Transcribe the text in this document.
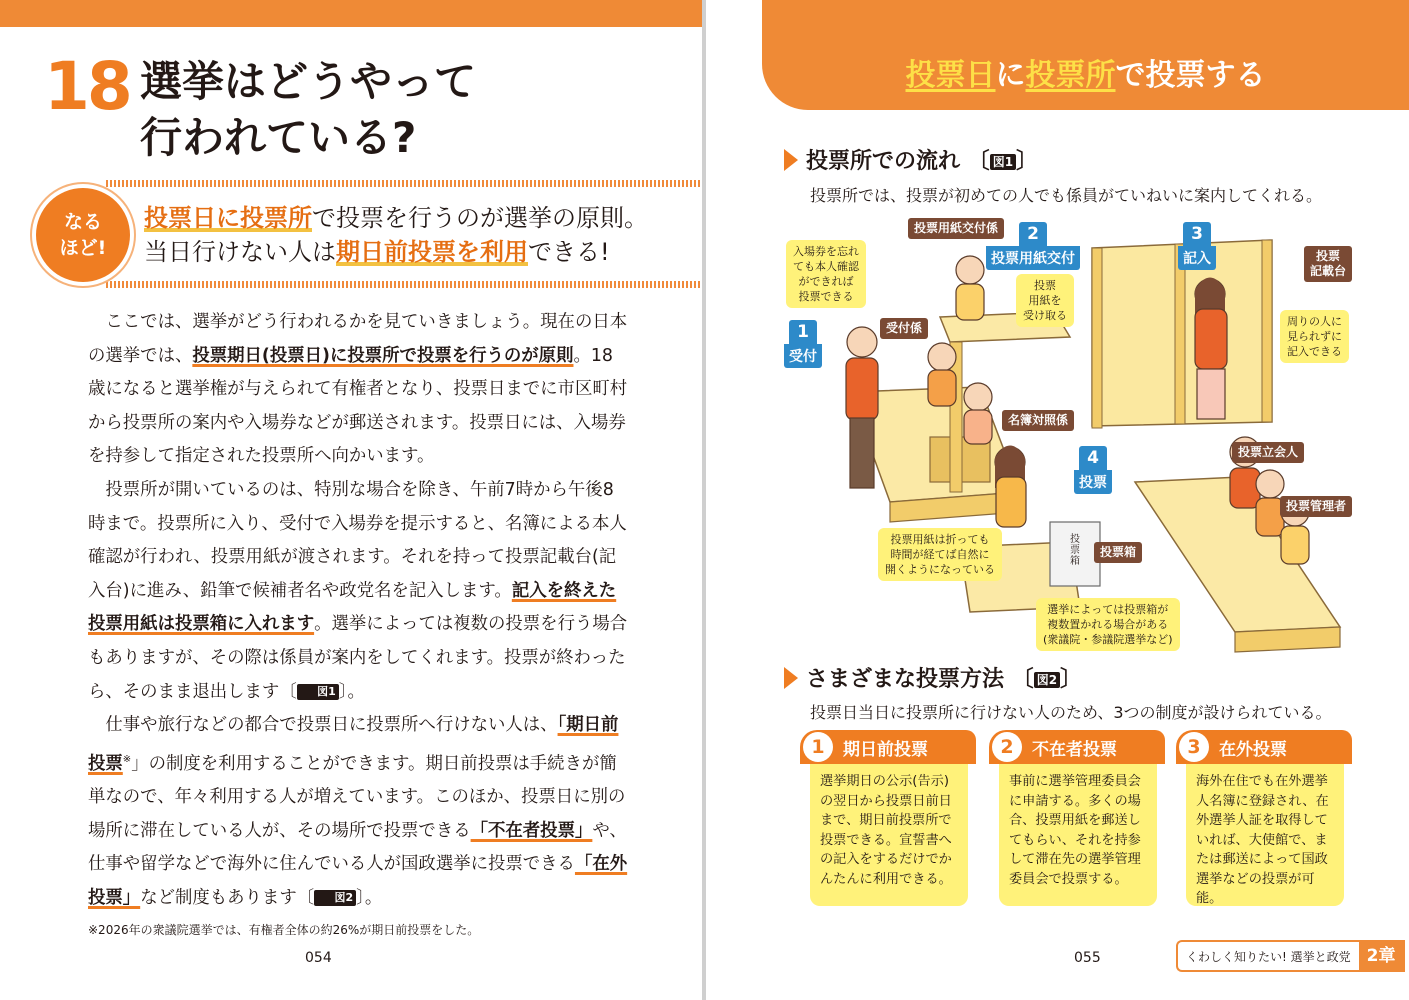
18 選挙はどうやって
行われている?
なる
ほど!
投票日に投票所で投票を行うのが選挙の原則。
当日行けない人は期日前投票を利用できる!

ここでは、選挙がどう行われるかを見ていきましょう。現在の日本の選挙では、投票期日(投票日)に投票所で投票を行うのが原則。18歳になると選挙権が与えられて有権者となり、投票日までに市区町村から投票所の案内や入場券などが郵送されます。投票日には、入場券を持参して指定された投票所へ向かいます。

投票所が開いているのは、特別な場合を除き、午前7時から午後8時まで。投票所に入り、受付で入場券を提示すると、名簿による本人確認が行われ、投票用紙が渡されます。それを持って投票記載台(記入台)に進み、鉛筆で候補者名や政党名を記入します。記入を終えた投票用紙は投票箱に入れます。選挙によっては複数の投票を行う場合もありますが、その際は係員が案内をしてくれます。投票が終わったら、そのまま退出します〔 図1 〕。

仕事や旅行などの都合で投票日に投票所へ行けない人は、「期日前投票※」の制度を利用することができます。期日前投票は手続きが簡単なので、年々利用する人が増えています。このほか、投票日に別の場所に滞在している人が、その場所で投票できる「不在者投票」や、仕事や留学などで海外に住んでいる人が国政選挙に投票できる「在外投票」など制度もあります〔 図2 〕。

※2026年の衆議院選挙では、有権者全体の約26%が期日前投票をした。
054
投票日に投票所で投票する
投票所での流れ 〔 図1 〕
投票所では、投票が初めての人でも係員がていねいに案内してくれる。
投票用紙交付係
受付係
名簿対照係
投票
記載台
投票立会人
投票管理者
投票箱
投票箱
1
受付
2
投票用紙交付
3
記入
4
投票
入場券を忘れ
ても本人確認
ができれば
投票できる
投票
用紙を
受け取る	周りの人に
見られずに
記入できる
投票用紙は折っても
時間が経てば自然に
開くようになっている
選挙によっては投票箱が
複数置かれる場合がある
(衆議院・参議院選挙など)
さまざまな投票方法 〔 図2 〕
投票日当日に投票所に行けない人のため、3つの制度が設けられている。
1	期日前投票
選挙期日の公示(告示)
の翌日から投票日前日
まで、期日前投票所で
投票できる。宣誓書へ
の記入をするだけでか
んたんに利用できる。
2	不在者投票
事前に選挙管理委員会
に申請する。多くの場
合、投票用紙を郵送し
てもらい、それを持参
して滞在先の選挙管理
委員会で投票する。
3	在外投票
海外在住でも在外選挙
人名簿に登録され、在
外選挙人証を取得して
いれば、大使館で、ま
たは郵送によって国政
選挙などの投票が可能。
055	くわしく知りたい! 選挙と政党 2章
